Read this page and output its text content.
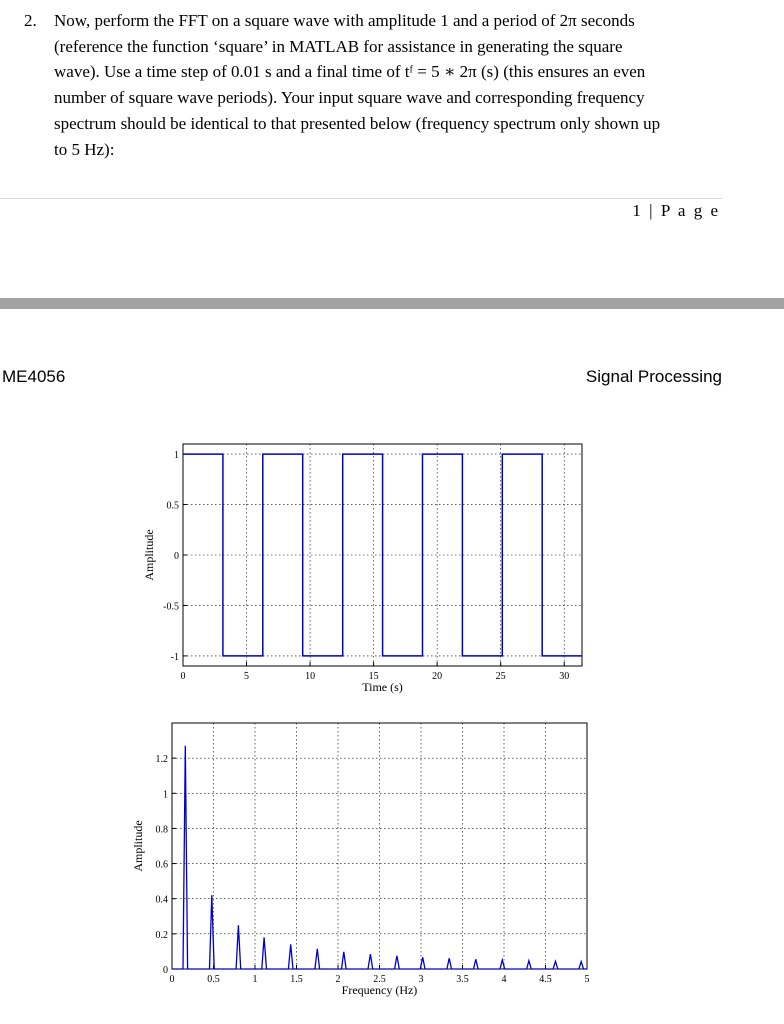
2. Now, perform the FFT on a square wave with amplitude 1 and a period of 2π seconds

(reference the function ‘square’ in MATLAB for assistance in generating the square

wave). Use a time step of 0.01 s and a final time of tᶠ = 5 ∗ 2π (s) (this ensures an even

number of square wave periods). Your input square wave and corresponding frequency

spectrum should be identical to that presented below (frequency spectrum only shown up

to 5 Hz):

1 | P a g e
ME4056	Signal Processing
0	5	10	15	20	25	30
1
0.5
0
-0.5
-1
Time (s)
Amplitude
0	0.5	1	1.5	2	2.5	3	3.5	4	4.5	5
1.2
1
0.8
0.6
0.4
0.2
0
Frequency (Hz)
Amplitude
